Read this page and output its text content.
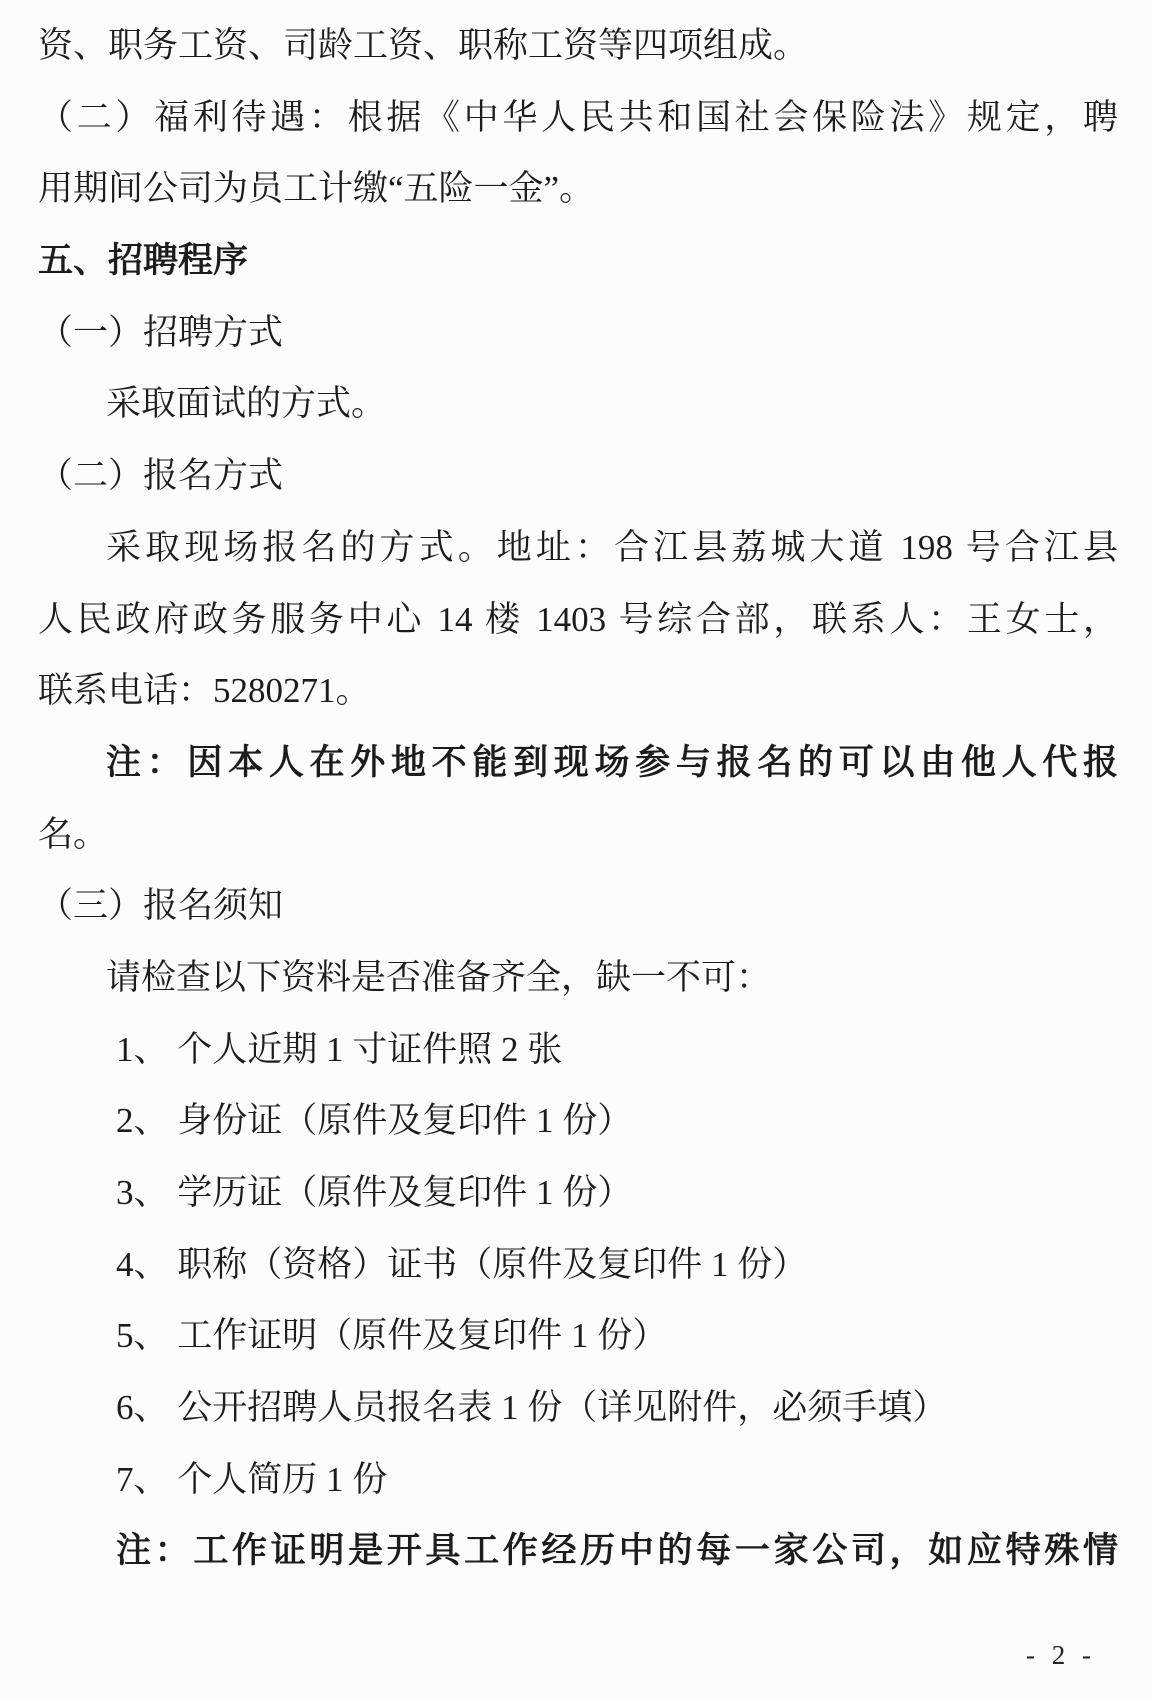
资、职务工资、司龄工资、职称工资等四项组成。
（二）福利待遇：根据《中华人民共和国社会保险法》规定，聘
用期间公司为员工计缴“五险一金”。
五、招聘程序
（一）招聘方式
采取面试的方式。
（二）报名方式
采取现场报名的方式。地址：合江县荔城大道 198 号合江县
人民政府政务服务中心 14 楼 1403 号综合部，联系人：王女士，
联系电话：5280271。
注：因本人在外地不能到现场参与报名的可以由他人代报
名。
（三）报名须知
请检查以下资料是否准备齐全，缺一不可：
1、 个人近期 1 寸证件照 2 张
2、 身份证（原件及复印件 1 份）
3、 学历证（原件及复印件 1 份）
4、 职称（资格）证书（原件及复印件 1 份）
5、 工作证明（原件及复印件 1 份）
6、 公开招聘人员报名表 1 份（详见附件，必须手填）
7、 个人简历 1 份
注：工作证明是开具工作经历中的每一家公司，如应特殊情
- 2 -
